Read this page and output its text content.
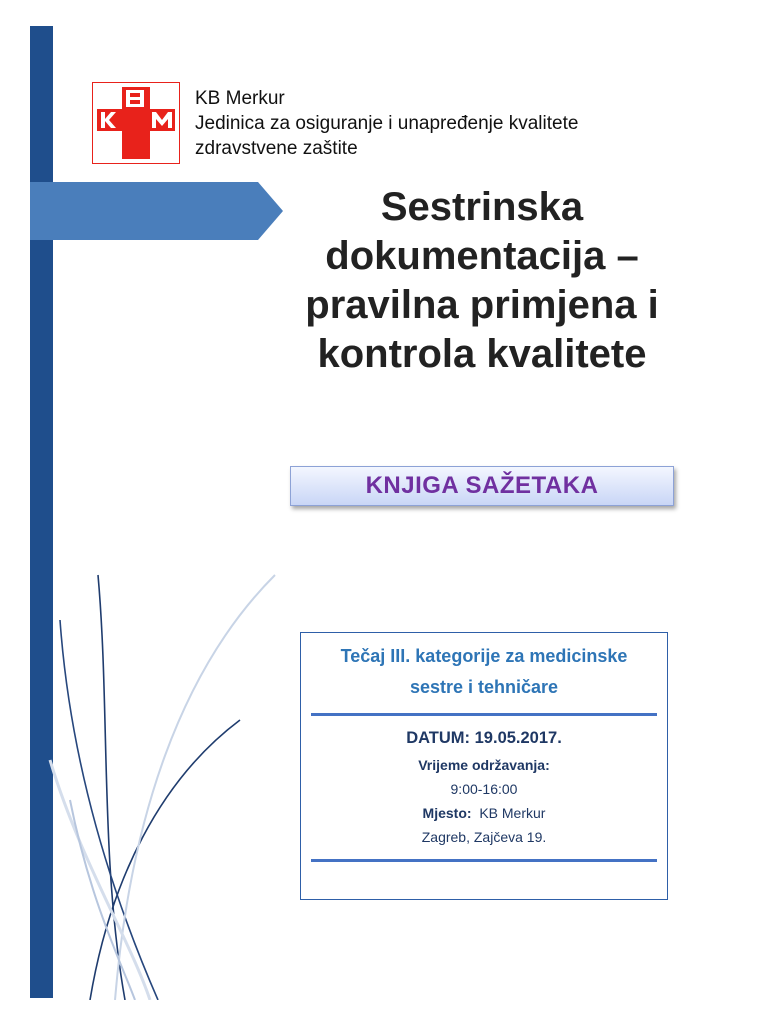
KB Merkur
Jedinica za osiguranje i unapređenje kvalitete
zdravstvene zaštite
Sestrinska
dokumentacija –
pravilna primjena i
kontrola kvalitete
KNJIGA SAŽETAKA
Tečaj III. kategorije za medicinske
sestre i tehničare
DATUM: 19.05.2017.
Vrijeme održavanja:
9:00-16:00
Mjesto: KB Merkur
Zagreb, Zajčeva 19.
